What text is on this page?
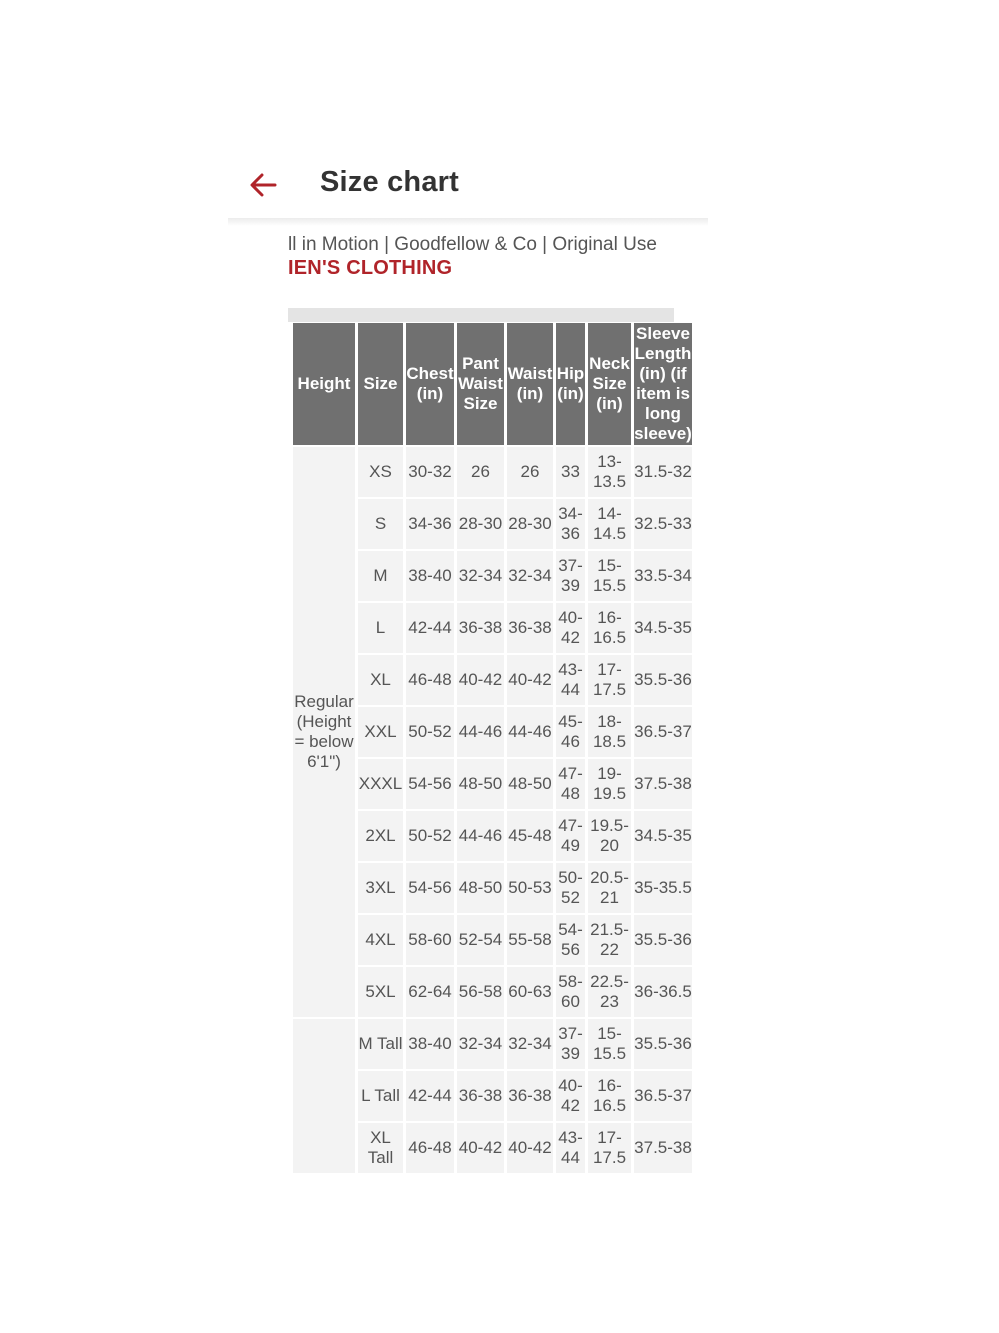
Size chart
ll in Motion | Goodfellow & Co | Original Use
IEN'S CLOTHING
Height	Size	Chest (in)	Pant Waist Size	Waist (in)	Hip (in)	Neck Size (in)	Sleeve Length (in) (if item is long sleeve)
Regular (Height = below 6'1")	XS	30-32	26	26	33	13-13.5	31.5-32
	S	34-36	28-30	28-30	34-36	14-14.5	32.5-33
	M	38-40	32-34	32-34	37-39	15-15.5	33.5-34
	L	42-44	36-38	36-38	40-42	16-16.5	34.5-35
	XL	46-48	40-42	40-42	43-44	17-17.5	35.5-36
	XXL	50-52	44-46	44-46	45-46	18-18.5	36.5-37
	XXXL	54-56	48-50	48-50	47-48	19-19.5	37.5-38
	2XL	50-52	44-46	45-48	47-49	19.5-20	34.5-35
	3XL	54-56	48-50	50-53	50-52	20.5-21	35-35.5
	4XL	58-60	52-54	55-58	54-56	21.5-22	35.5-36
	5XL	62-64	56-58	60-63	58-60	22.5-23	36-36.5
	M Tall	38-40	32-34	32-34	37-39	15-15.5	35.5-36
	L Tall	42-44	36-38	36-38	40-42	16-16.5	36.5-37
	XL Tall	46-48	40-42	40-42	43-44	17-17.5	37.5-38
